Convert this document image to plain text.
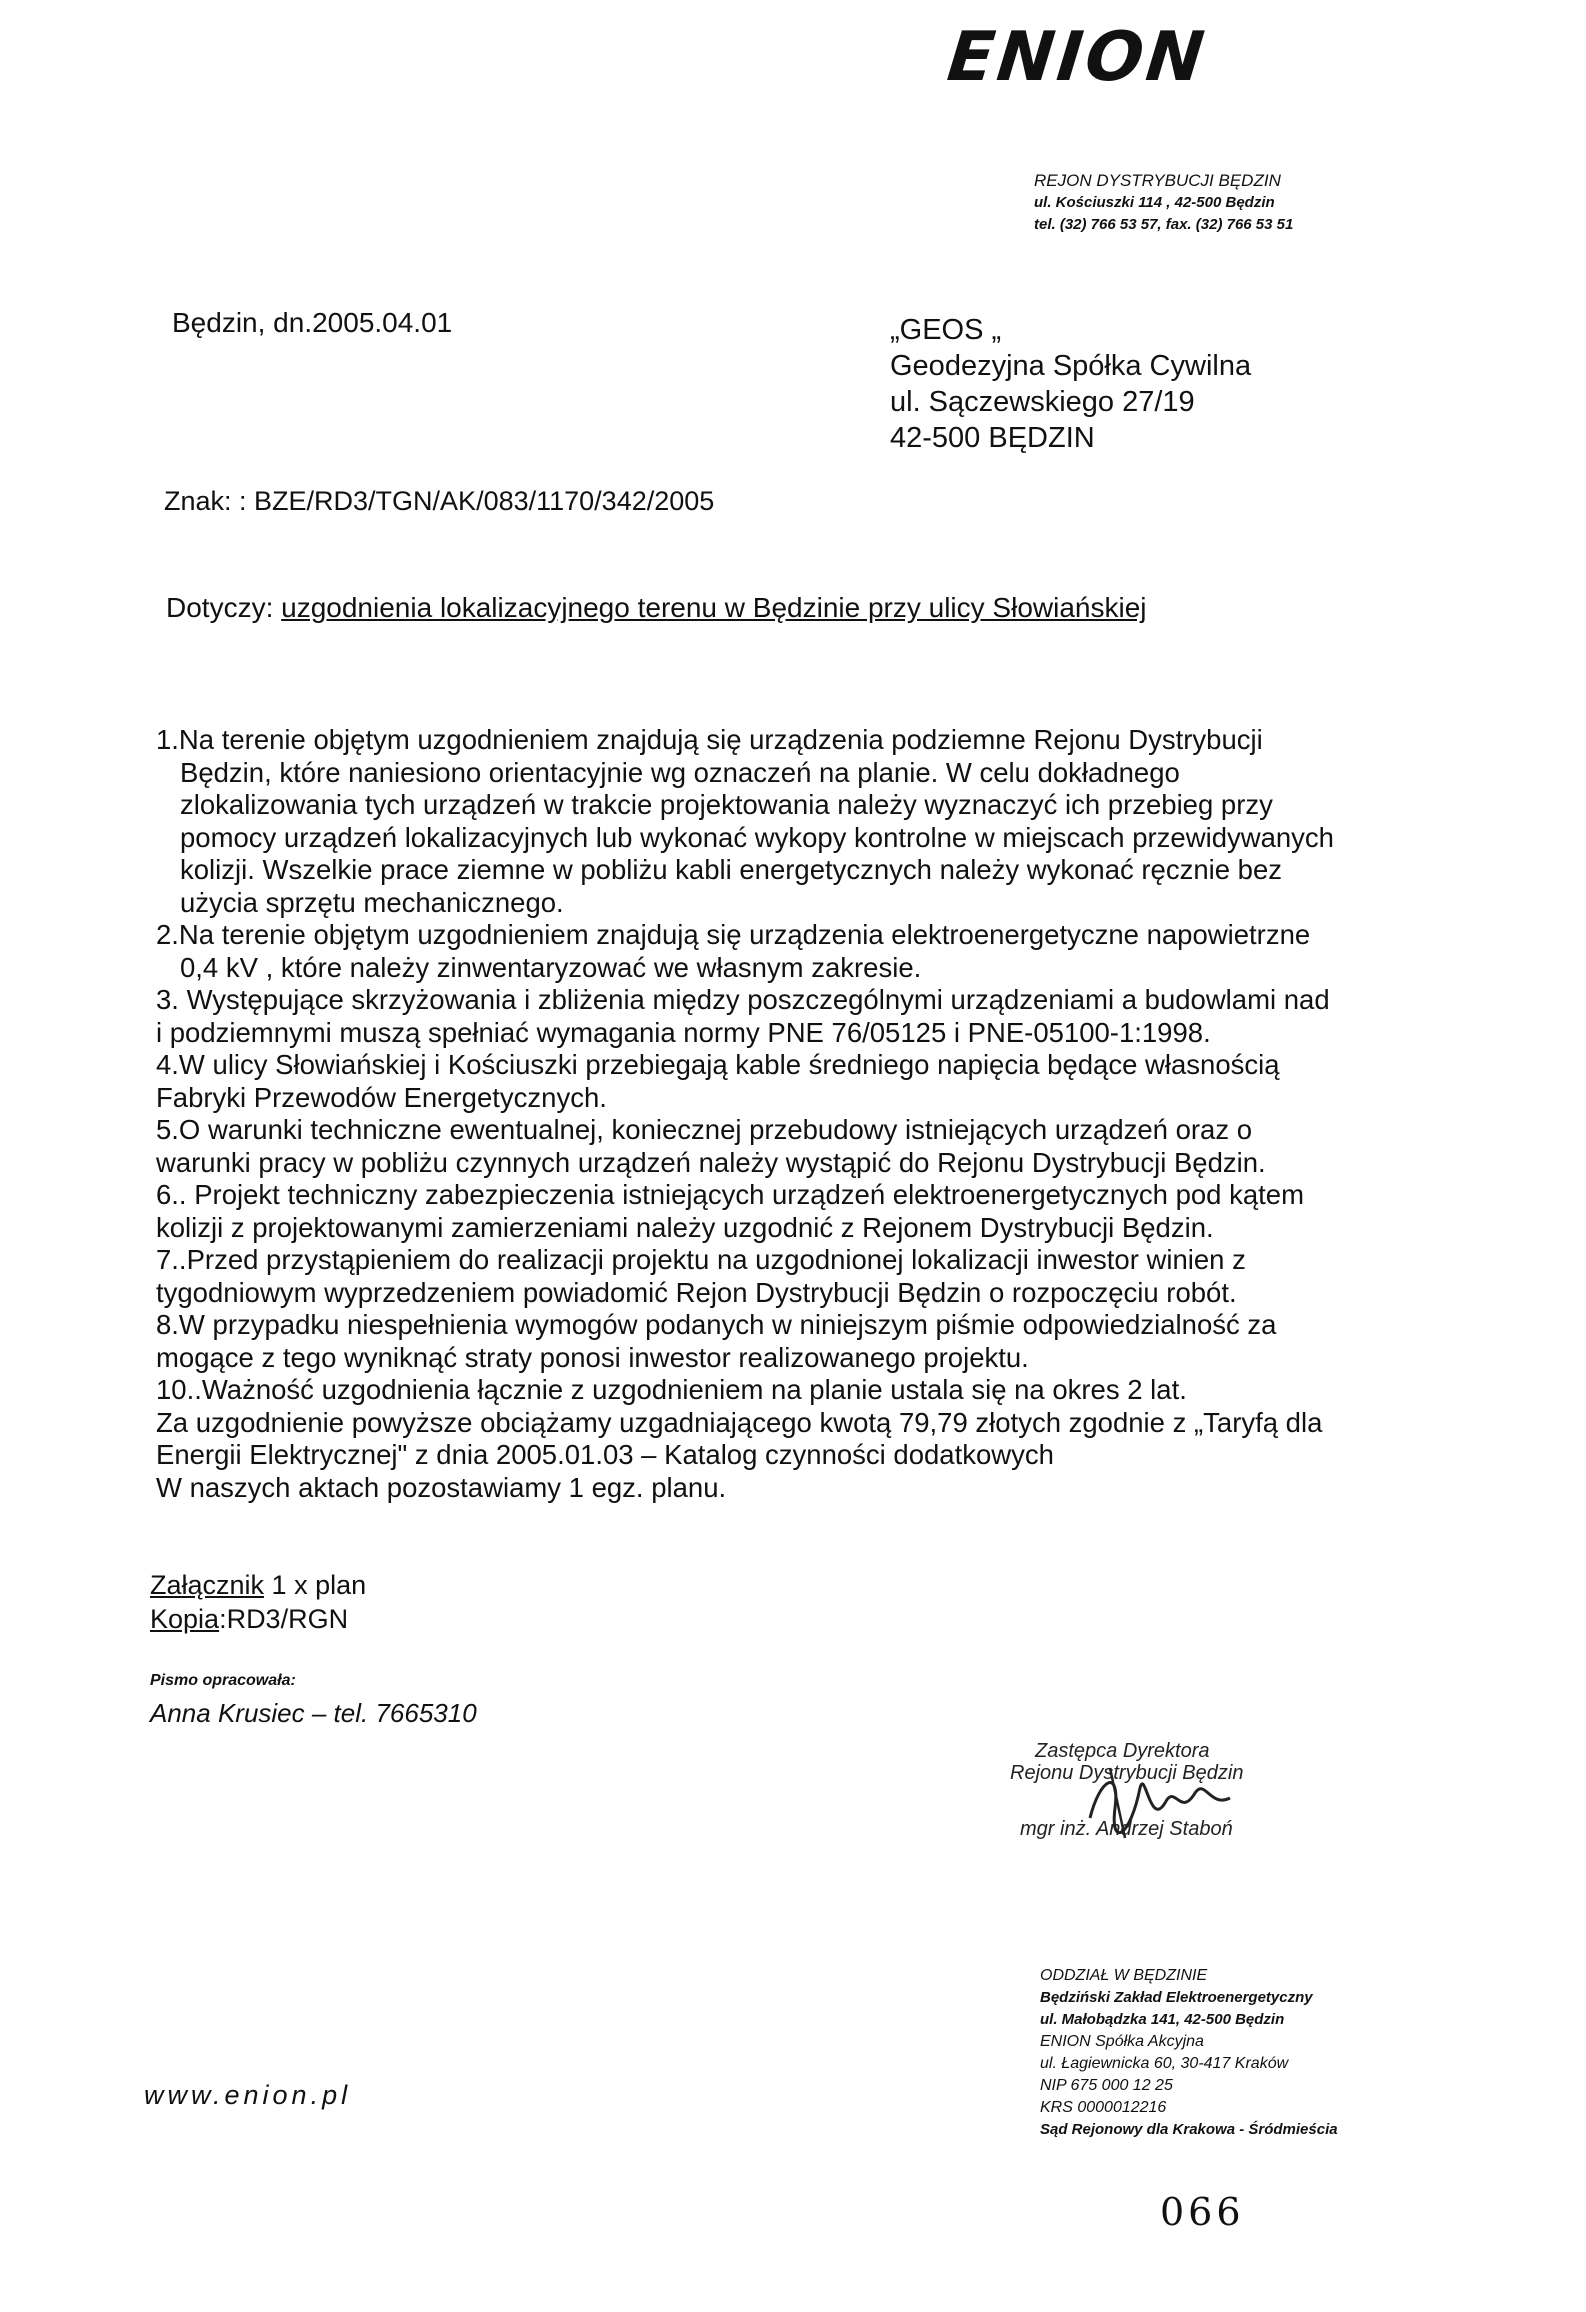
ENION
REJON DYSTRYBUCJI BĘDZIN
ul. Kościuszki 114 , 42-500 Będzin
tel. (32) 766 53 57, fax. (32) 766 53 51
Będzin, dn.2005.04.01	„GEOS „
Geodezyjna Spółka Cywilna
ul. Sączewskiego 27/19
42-500 BĘDZIN
Znak: : BZE/RD3/TGN/AK/083/1170/342/2005
Dotyczy: uzgodnienia lokalizacyjnego terenu w Będzinie przy ulicy Słowiańskiej
1.Na terenie objętym uzgodnieniem znajdują się urządzenia podziemne Rejonu Dystrybucji
Będzin, które naniesiono orientacyjnie wg oznaczeń na planie. W celu dokładnego
zlokalizowania tych urządzeń w trakcie projektowania należy wyznaczyć ich przebieg przy
pomocy urządzeń lokalizacyjnych lub wykonać wykopy kontrolne w miejscach przewidywanych
kolizji. Wszelkie prace ziemne w pobliżu kabli energetycznych należy wykonać ręcznie bez
użycia sprzętu mechanicznego.
2.Na terenie objętym uzgodnieniem znajdują się urządzenia elektroenergetyczne napowietrzne
0,4 kV , które należy zinwentaryzować we własnym zakresie.
3. Występujące skrzyżowania i zbliżenia między poszczególnymi urządzeniami a budowlami nad
i podziemnymi muszą spełniać wymagania normy PNE 76/05125 i PNE-05100-1:1998.
4.W ulicy Słowiańskiej i Kościuszki przebiegają kable średniego napięcia będące własnością
Fabryki Przewodów Energetycznych.
5.O warunki techniczne ewentualnej, koniecznej przebudowy istniejących urządzeń oraz o
warunki pracy w pobliżu czynnych urządzeń należy wystąpić do Rejonu Dystrybucji Będzin.
6.. Projekt techniczny zabezpieczenia istniejących urządzeń elektroenergetycznych pod kątem
kolizji z projektowanymi zamierzeniami należy uzgodnić z Rejonem Dystrybucji Będzin.
7..Przed przystąpieniem do realizacji projektu na uzgodnionej lokalizacji inwestor winien z
tygodniowym wyprzedzeniem powiadomić Rejon Dystrybucji Będzin o rozpoczęciu robót.
8.W przypadku niespełnienia wymogów podanych w niniejszym piśmie odpowiedzialność za
mogące z tego wyniknąć straty ponosi inwestor realizowanego projektu.
10..Ważność uzgodnienia łącznie z uzgodnieniem na planie ustala się na okres 2 lat.
Za uzgodnienie powyższe obciążamy uzgadniającego kwotą 79,79 złotych zgodnie z „Taryfą dla
Energii Elektrycznej" z dnia 2005.01.03 – Katalog czynności dodatkowych
W naszych aktach pozostawiamy 1 egz. planu.
Załącznik 1 x plan
Kopia:RD3/RGN
Pismo opracowała:
Anna Krusiec – tel. 7665310
Zastępca Dyrektora
Rejonu Dystrybucji Będzin
mgr inż. Andrzej Staboń
ODDZIAŁ W BĘDZINIE
Będziński Zakład Elektroenergetyczny
ul. Małobądzka 141, 42-500 Będzin
ENION Spółka Akcyjna
ul. Łagiewnicka 60, 30-417 Kraków
NIP 675 000 12 25
KRS 0000012216
Sąd Rejonowy dla Krakowa - Śródmieścia
www.enion.pl
066
